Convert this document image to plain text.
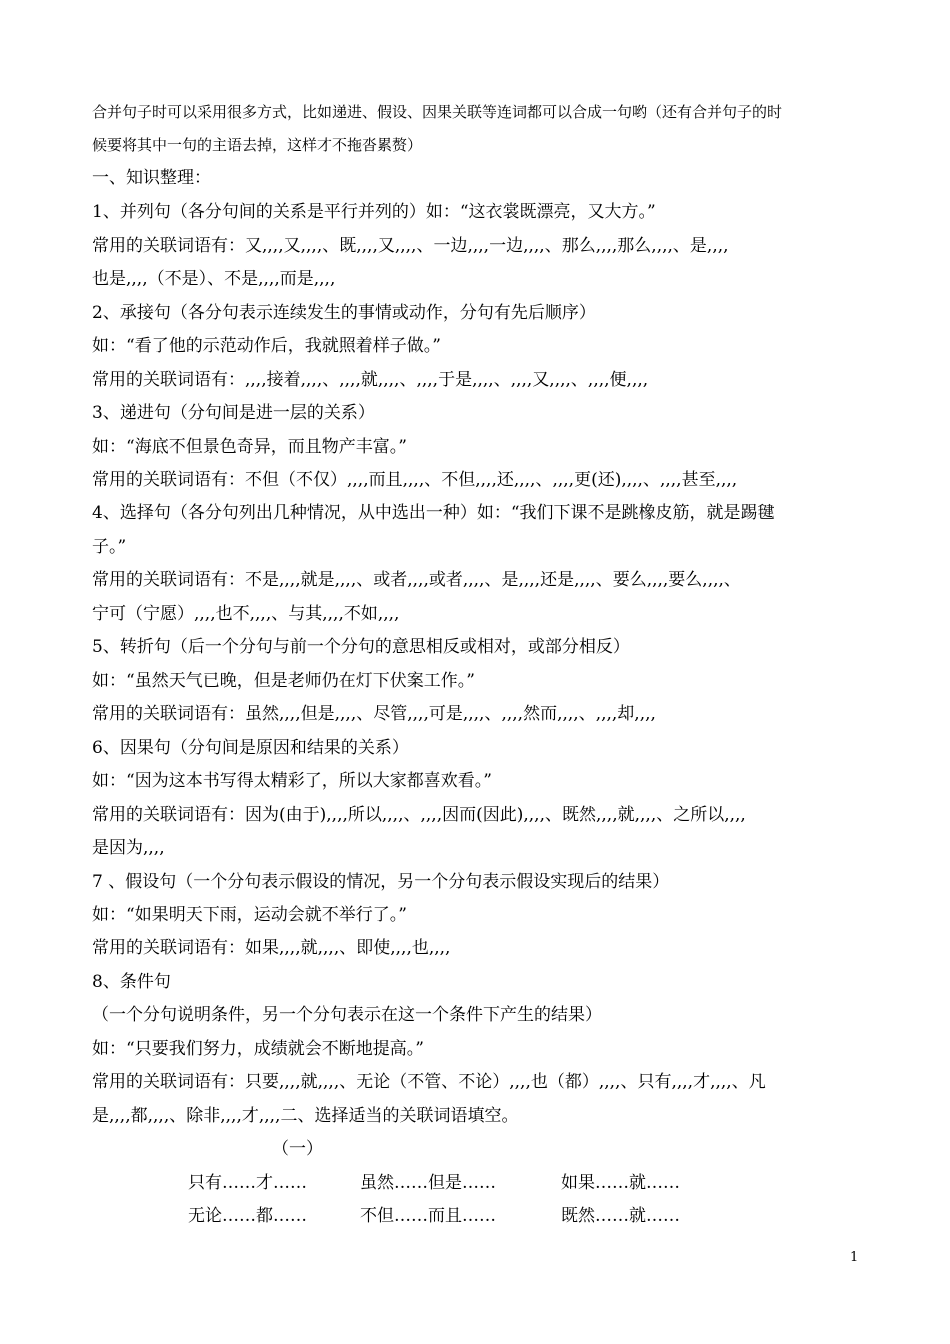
合并句子时可以采用很多方式，比如递进、假设、因果关联等连词都可以合成一句哟（还有合并句子的时
候要将其中一句的主语去掉，这样才不拖沓累赘）
一、知识整理：
1、并列句（各分句间的关系是平行并列的）如：“这衣裳既漂亮，又大方。”
常用的关联词语有：又,,,,又,,,,、既,,,,又,,,,、一边,,,,一边,,,,、那么,,,,那么,,,,、是,,,,
也是,,,,（不是）、不是,,,,而是,,,,
2、承接句（各分句表示连续发生的事情或动作，分句有先后顺序）
如：“看了他的示范动作后，我就照着样子做。”
常用的关联词语有：,,,,接着,,,,、,,,,就,,,,、,,,,于是,,,,、,,,,又,,,,、,,,,便,,,,
3、递进句（分句间是进一层的关系）
如：“海底不但景色奇异，而且物产丰富。”
常用的关联词语有：不但（不仅）,,,,而且,,,,、不但,,,,还,,,,、,,,,更(还),,,,、,,,,甚至,,,,
4、选择句（各分句列出几种情况，从中选出一种）如：“我们下课不是跳橡皮筋，就是踢毽
子。”
常用的关联词语有：不是,,,,就是,,,,、或者,,,,或者,,,,、是,,,,还是,,,,、要么,,,,要么,,,,、
宁可（宁愿）,,,,也不,,,,、与其,,,,不如,,,,
5、转折句（后一个分句与前一个分句的意思相反或相对，或部分相反）
如：“虽然天气已晚，但是老师仍在灯下伏案工作。”
常用的关联词语有：虽然,,,,但是,,,,、尽管,,,,可是,,,,、,,,,然而,,,,、,,,,却,,,,
6、因果句（分句间是原因和结果的关系）
如：“因为这本书写得太精彩了，所以大家都喜欢看。”
常用的关联词语有：因为(由于),,,,所以,,,,、,,,,因而(因此),,,,、既然,,,,就,,,,、之所以,,,,
是因为,,,,
7 、假设句（一个分句表示假设的情况，另一个分句表示假设实现后的结果）
如：“如果明天下雨，运动会就不举行了。”
常用的关联词语有：如果,,,,就,,,,、即使,,,,也,,,,
8、条件句
（一个分句说明条件，另一个分句表示在这一个条件下产生的结果）
如：“只要我们努力，成绩就会不断地提高。”
常用的关联词语有：只要,,,,就,,,,、无论（不管、不论）,,,,也（都）,,,,、只有,,,,才,,,,、凡
是,,,,都,,,,、除非,,,,才,,,,二、选择适当的关联词语填空。
（一）
只有……才……	虽然……但是……	如果……就……
无论……都……	不但……而且……	既然……就……
1
